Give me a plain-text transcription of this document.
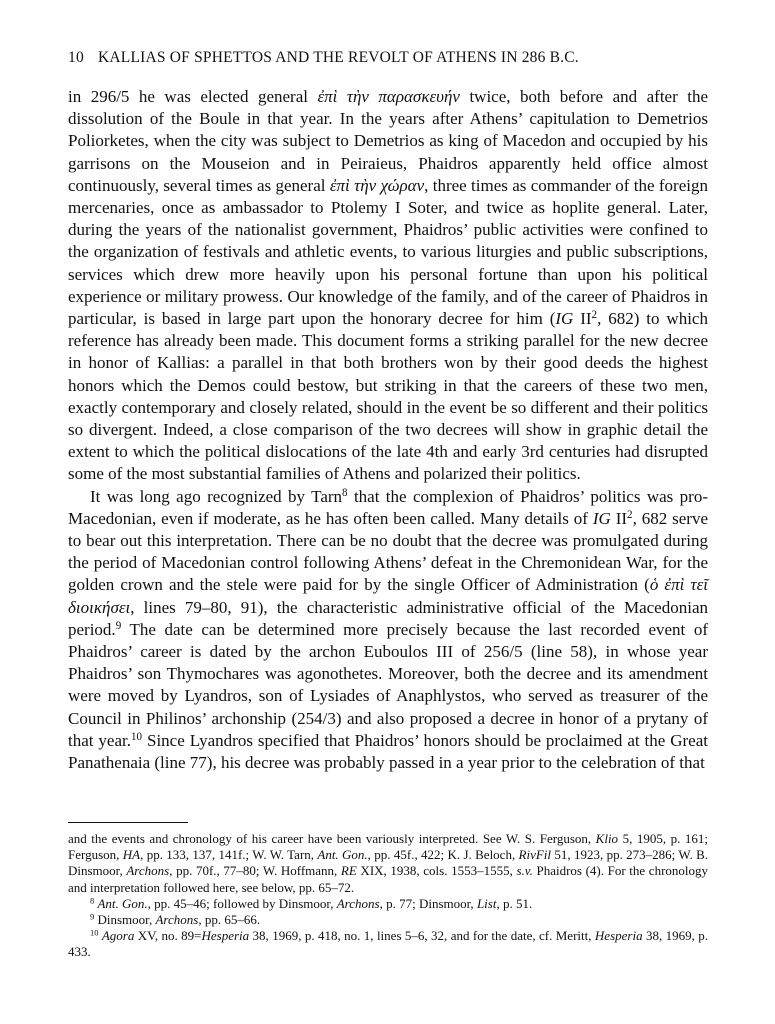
10 KALLIAS OF SPHETTOS AND THE REVOLT OF ATHENS IN 286 B.C.

in 296/5 he was elected general ἐπὶ τὴν παρασκευήν twice, both before and after the dissolution of the Boule in that year. In the years after Athens’ capitulation to Demetrios Poliorketes, when the city was subject to Demetrios as king of Macedon and occupied by his garrisons on the Mouseion and in Peiraieus, Phaidros apparently held office almost continuously, several times as general ἐπὶ τὴν χώραν, three times as commander of the foreign mercenaries, once as ambassador to Ptolemy I Soter, and twice as hoplite general. Later, during the years of the nationalist government, Phaidros’ public activities were confined to the organization of festivals and athletic events, to various liturgies and public subscriptions, services which drew more heavily upon his personal fortune than upon his political experience or military prowess. Our knowledge of the family, and of the career of Phaidros in particular, is based in large part upon the honorary decree for him (IG $II^2$, 682) to which reference has already been made. This document forms a striking parallel for the new decree in honor of Kallias: a parallel in that both brothers won by their good deeds the highest honors which the Demos could bestow, but striking in that the careers of these two men, exactly contemporary and closely related, should in the event be so different and their politics so divergent. Indeed, a close comparison of the two decrees will show in graphic detail the extent to which the political dislocations of the late 4th and early 3rd centuries had disrupted some of the most substantial families of Athens and polarized their politics.

It was long ago recognized by Tarn$^8$ that the complexion of Phaidros’ politics was pro-Macedonian, even if moderate, as he has often been called. Many details of IG $II^2$, 682 serve to bear out this interpretation. There can be no doubt that the decree was promulgated during the period of Macedonian control following Athens’ defeat in the Chremonidean War, for the golden crown and the stele were paid for by the single Officer of Administration (ὁ ἐπὶ τεῖ διοικήσει, lines 79–80, 91), the characteristic administrative official of the Macedonian period.$^9$ The date can be determined more precisely because the last recorded event of Phaidros’ career is dated by the archon Euboulos III of 256/5 (line 58), in whose year Phaidros’ son Thymochares was agonothetes. Moreover, both the decree and its amendment were moved by Lyandros, son of Lysiades of Anaphlystos, who served as treasurer of the Council in Philinos’ archonship (254/3) and also proposed a decree in honor of a prytany of that year.$^{10}$ Since Lyandros specified that Phaidros’ honors should be proclaimed at the Great Panathenaia (line 77), his decree was probably passed in a year prior to the celebration of that

and the events and chronology of his career have been variously interpreted. See W. S. Ferguson, Klio 5, 1905, p. 161; Ferguson, HA, pp. 133, 137, 141f.; W. W. Tarn, Ant. Gon., pp. 45f., 422; K. J. Beloch, RivFil 51, 1923, pp. 273–286; W. B. Dinsmoor, Archons, pp. 70f., 77–80; W. Hoffmann, RE XIX, 1938, cols. 1553–1555, s.v. Phaidros (4). For the chronology and interpretation followed here, see below, pp. 65–72.

$^8$ Ant. Gon., pp. 45–46; followed by Dinsmoor, Archons, p. 77; Dinsmoor, List, p. 51.

$^9$ Dinsmoor, Archons, pp. 65–66.

$^{10}$ Agora XV, no. 89=Hesperia 38, 1969, p. 418, no. 1, lines 5–6, 32, and for the date, cf. Meritt, Hesperia 38, 1969, p. 433.
